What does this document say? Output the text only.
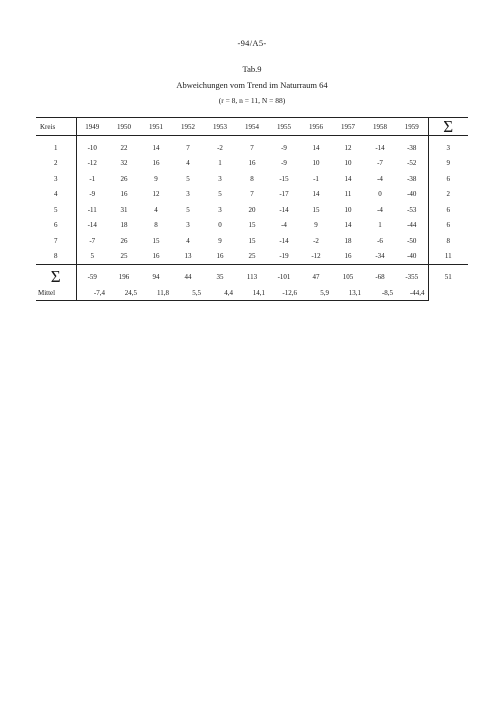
-94/A5-
Tab.9
Abweichungen vom Trend im Naturraum 64
(r = 8, n = 11, N = 88)
Kreis	1949	1950	1951	1952	1953	1954	1955	1956	1957	1958	1959	Σ
1	-10	22	14	7	-2	7	-9	14	12	-14	-38	3
2	-12	32	16	4	1	16	-9	10	10	-7	-52	9
3	-1	26	9	5	3	8	-15	-1	14	-4	-38	6
4	-9	16	12	3	5	7	-17	14	11	0	-40	2
5	-11	31	4	5	3	20	-14	15	10	-4	-53	6
6	-14	18	8	3	0	15	-4	9	14	1	-44	6
7	-7	26	15	4	9	15	-14	-2	18	-6	-50	8
8	5	25	16	13	16	25	-19	-12	16	-34	-40	11
Σ	-59	196	94	44	35	113	-101	47	105	-68	-355	51
Mittel	-7,4	24,5	11,8	5,5	4,4	14,1	-12,6	5,9	13,1	-8,5	-44,4	
